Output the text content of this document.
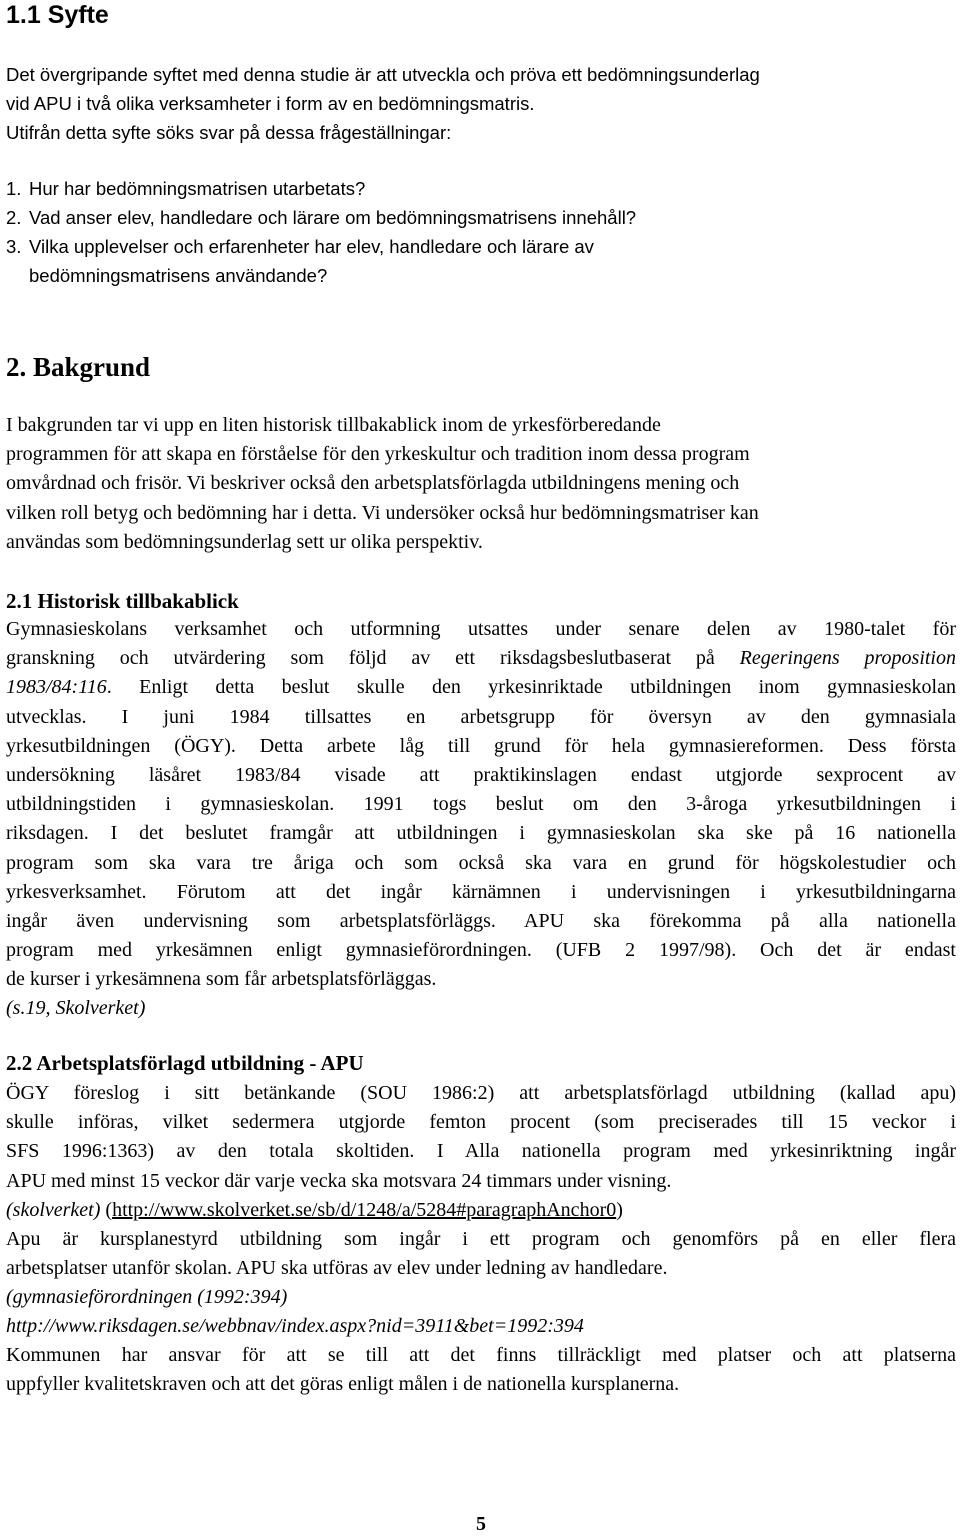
1.1 Syfte

Det övergripande syftet med denna studie är att utveckla och pröva ett bedömningsunderlag
vid APU i två olika verksamheter i form av en bedömningsmatris.
Utifrån detta syfte söks svar på dessa frågeställningar:

1. Hur har bedömningsmatrisen utarbetats?
2. Vad anser elev, handledare och lärare om bedömningsmatrisens innehåll?
3. Vilka upplevelser och erfarenheter har elev, handledare och lärare av
bedömningsmatrisens användande?
2. Bakgrund

I bakgrunden tar vi upp en liten historisk tillbakablick inom de yrkesförberedande
programmen för att skapa en förståelse för den yrkeskultur och tradition inom dessa program
omvårdnad och frisör. Vi beskriver också den arbetsplatsförlagda utbildningens mening och
vilken roll betyg och bedömning har i detta. Vi undersöker också hur bedömningsmatriser kan
användas som bedömningsunderlag sett ur olika perspektiv.

2.1 Historisk tillbakablick

Gymnasieskolans verksamhet och utformning utsattes under senare delen av 1980-talet för
granskning och utvärdering som följd av ett riksdagsbeslutbaserat på Regeringens proposition
1983/84:116. Enligt detta beslut skulle den yrkesinriktade utbildningen inom gymnasieskolan
utvecklas. I juni 1984 tillsattes en arbetsgrupp för översyn av den gymnasiala
yrkesutbildningen (ÖGY). Detta arbete låg till grund för hela gymnasiereformen. Dess första
undersökning läsåret 1983/84 visade att praktikinslagen endast utgjorde sexprocent av
utbildningstiden i gymnasieskolan. 1991 togs beslut om den 3-åroga yrkesutbildningen i
riksdagen. I det beslutet framgår att utbildningen i gymnasieskolan ska ske på 16 nationella
program som ska vara tre åriga och som också ska vara en grund för högskolestudier och
yrkesverksamhet. Förutom att det ingår kärnämnen i undervisningen i yrkesutbildningarna
ingår även undervisning som arbetsplatsförläggs. APU ska förekomma på alla nationella
program med yrkesämnen enligt gymnasieförordningen. (UFB 2 1997/98). Och det är endast
de kurser i yrkesämnena som får arbetsplatsförläggas.

(s.19, Skolverket)

2.2 Arbetsplatsförlagd utbildning - APU

ÖGY föreslog i sitt betänkande (SOU 1986:2) att arbetsplatsförlagd utbildning (kallad apu)
skulle införas, vilket sedermera utgjorde femton procent (som preciserades till 15 veckor i
SFS 1996:1363) av den totala skoltiden. I Alla nationella program med yrkesinriktning ingår
APU med minst 15 veckor där varje vecka ska motsvara 24 timmars under visning.

(skolverket) (http://www.skolverket.se/sb/d/1248/a/5284#paragraphAnchor0)

Apu är kursplanestyrd utbildning som ingår i ett program och genomförs på en eller flera
arbetsplatser utanför skolan. APU ska utföras av elev under ledning av handledare.

(gymnasieförordningen (1992:394)
http://www.riksdagen.se/webbnav/index.aspx?nid=3911&bet=1992:394

Kommunen har ansvar för att se till att det finns tillräckligt med platser och att platserna
uppfyller kvalitetskraven och att det göras enligt målen i de nationella kursplanerna.

5
